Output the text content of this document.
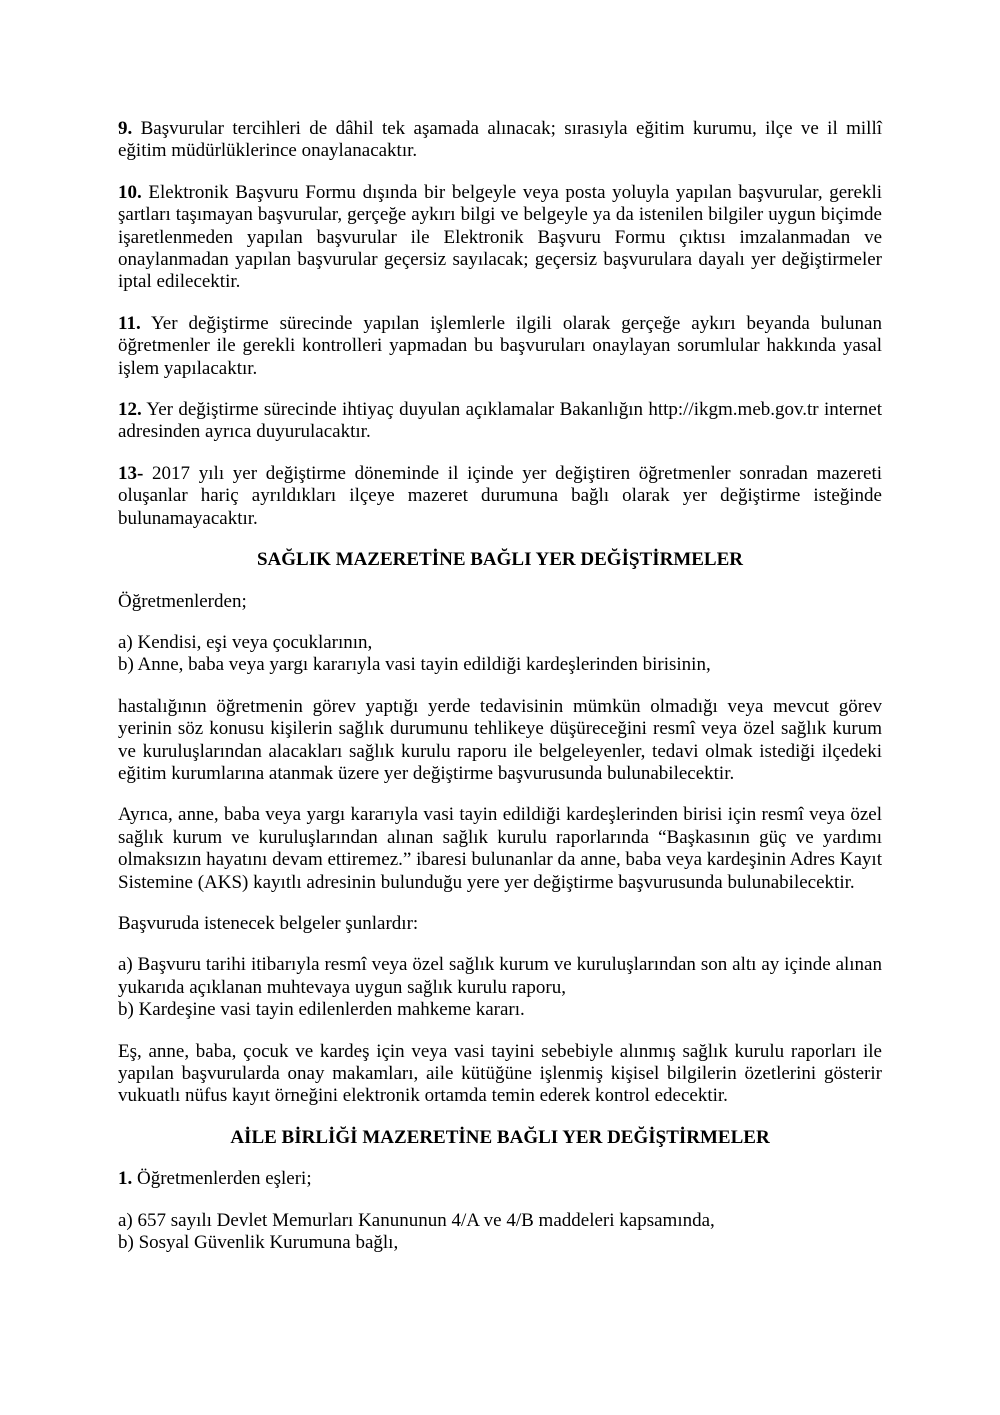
9. Başvurular tercihleri de dâhil tek aşamada alınacak; sırasıyla eğitim kurumu, ilçe ve il millî eğitim müdürlüklerince onaylanacaktır.

10. Elektronik Başvuru Formu dışında bir belgeyle veya posta yoluyla yapılan başvurular, gerekli şartları taşımayan başvurular, gerçeğe aykırı bilgi ve belgeyle ya da istenilen bilgiler uygun biçimde işaretlenmeden yapılan başvurular ile Elektronik Başvuru Formu çıktısı imzalanmadan ve onaylanmadan yapılan başvurular geçersiz sayılacak; geçersiz başvurulara dayalı yer değiştirmeler iptal edilecektir.

11. Yer değiştirme sürecinde yapılan işlemlerle ilgili olarak gerçeğe aykırı beyanda bulunan öğretmenler ile gerekli kontrolleri yapmadan bu başvuruları onaylayan sorumlular hakkında yasal işlem yapılacaktır.

12. Yer değiştirme sürecinde ihtiyaç duyulan açıklamalar Bakanlığın http://ikgm.meb.gov.tr internet adresinden ayrıca duyurulacaktır.

13- 2017 yılı yer değiştirme döneminde il içinde yer değiştiren öğretmenler sonradan mazereti oluşanlar hariç ayrıldıkları ilçeye mazeret durumuna bağlı olarak yer değiştirme isteğinde bulunamayacaktır.

SAĞLIK MAZERETİNE BAĞLI YER DEĞİŞTİRMELER

Öğretmenlerden;

a) Kendisi, eşi veya çocuklarının,
b) Anne, baba veya yargı kararıyla vasi tayin edildiği kardeşlerinden birisinin,

hastalığının öğretmenin görev yaptığı yerde tedavisinin mümkün olmadığı veya mevcut görev yerinin söz konusu kişilerin sağlık durumunu tehlikeye düşüreceğini resmî veya özel sağlık kurum ve kuruluşlarından alacakları sağlık kurulu raporu ile belgeleyenler, tedavi olmak istediği ilçedeki eğitim kurumlarına atanmak üzere yer değiştirme başvurusunda bulunabilecektir.

Ayrıca, anne, baba veya yargı kararıyla vasi tayin edildiği kardeşlerinden birisi için resmî veya özel sağlık kurum ve kuruluşlarından alınan sağlık kurulu raporlarında “Başkasının güç ve yardımı olmaksızın hayatını devam ettiremez.” ibaresi bulunanlar da anne, baba veya kardeşinin Adres Kayıt Sistemine (AKS) kayıtlı adresinin bulunduğu yere yer değiştirme başvurusunda bulunabilecektir.

Başvuruda istenecek belgeler şunlardır:

a) Başvuru tarihi itibarıyla resmî veya özel sağlık kurum ve kuruluşlarından son altı ay içinde alınan yukarıda açıklanan muhtevaya uygun sağlık kurulu raporu,
b) Kardeşine vasi tayin edilenlerden mahkeme kararı.

Eş, anne, baba, çocuk ve kardeş için veya vasi tayini sebebiyle alınmış sağlık kurulu raporları ile yapılan başvurularda onay makamları, aile kütüğüne işlenmiş kişisel bilgilerin özetlerini gösterir vukuatlı nüfus kayıt örneğini elektronik ortamda temin ederek kontrol edecektir.

AİLE BİRLİĞİ MAZERETİNE BAĞLI YER DEĞİŞTİRMELER

1. Öğretmenlerden eşleri;

a) 657 sayılı Devlet Memurları Kanununun 4/A ve 4/B maddeleri kapsamında,
b) Sosyal Güvenlik Kurumuna bağlı,
